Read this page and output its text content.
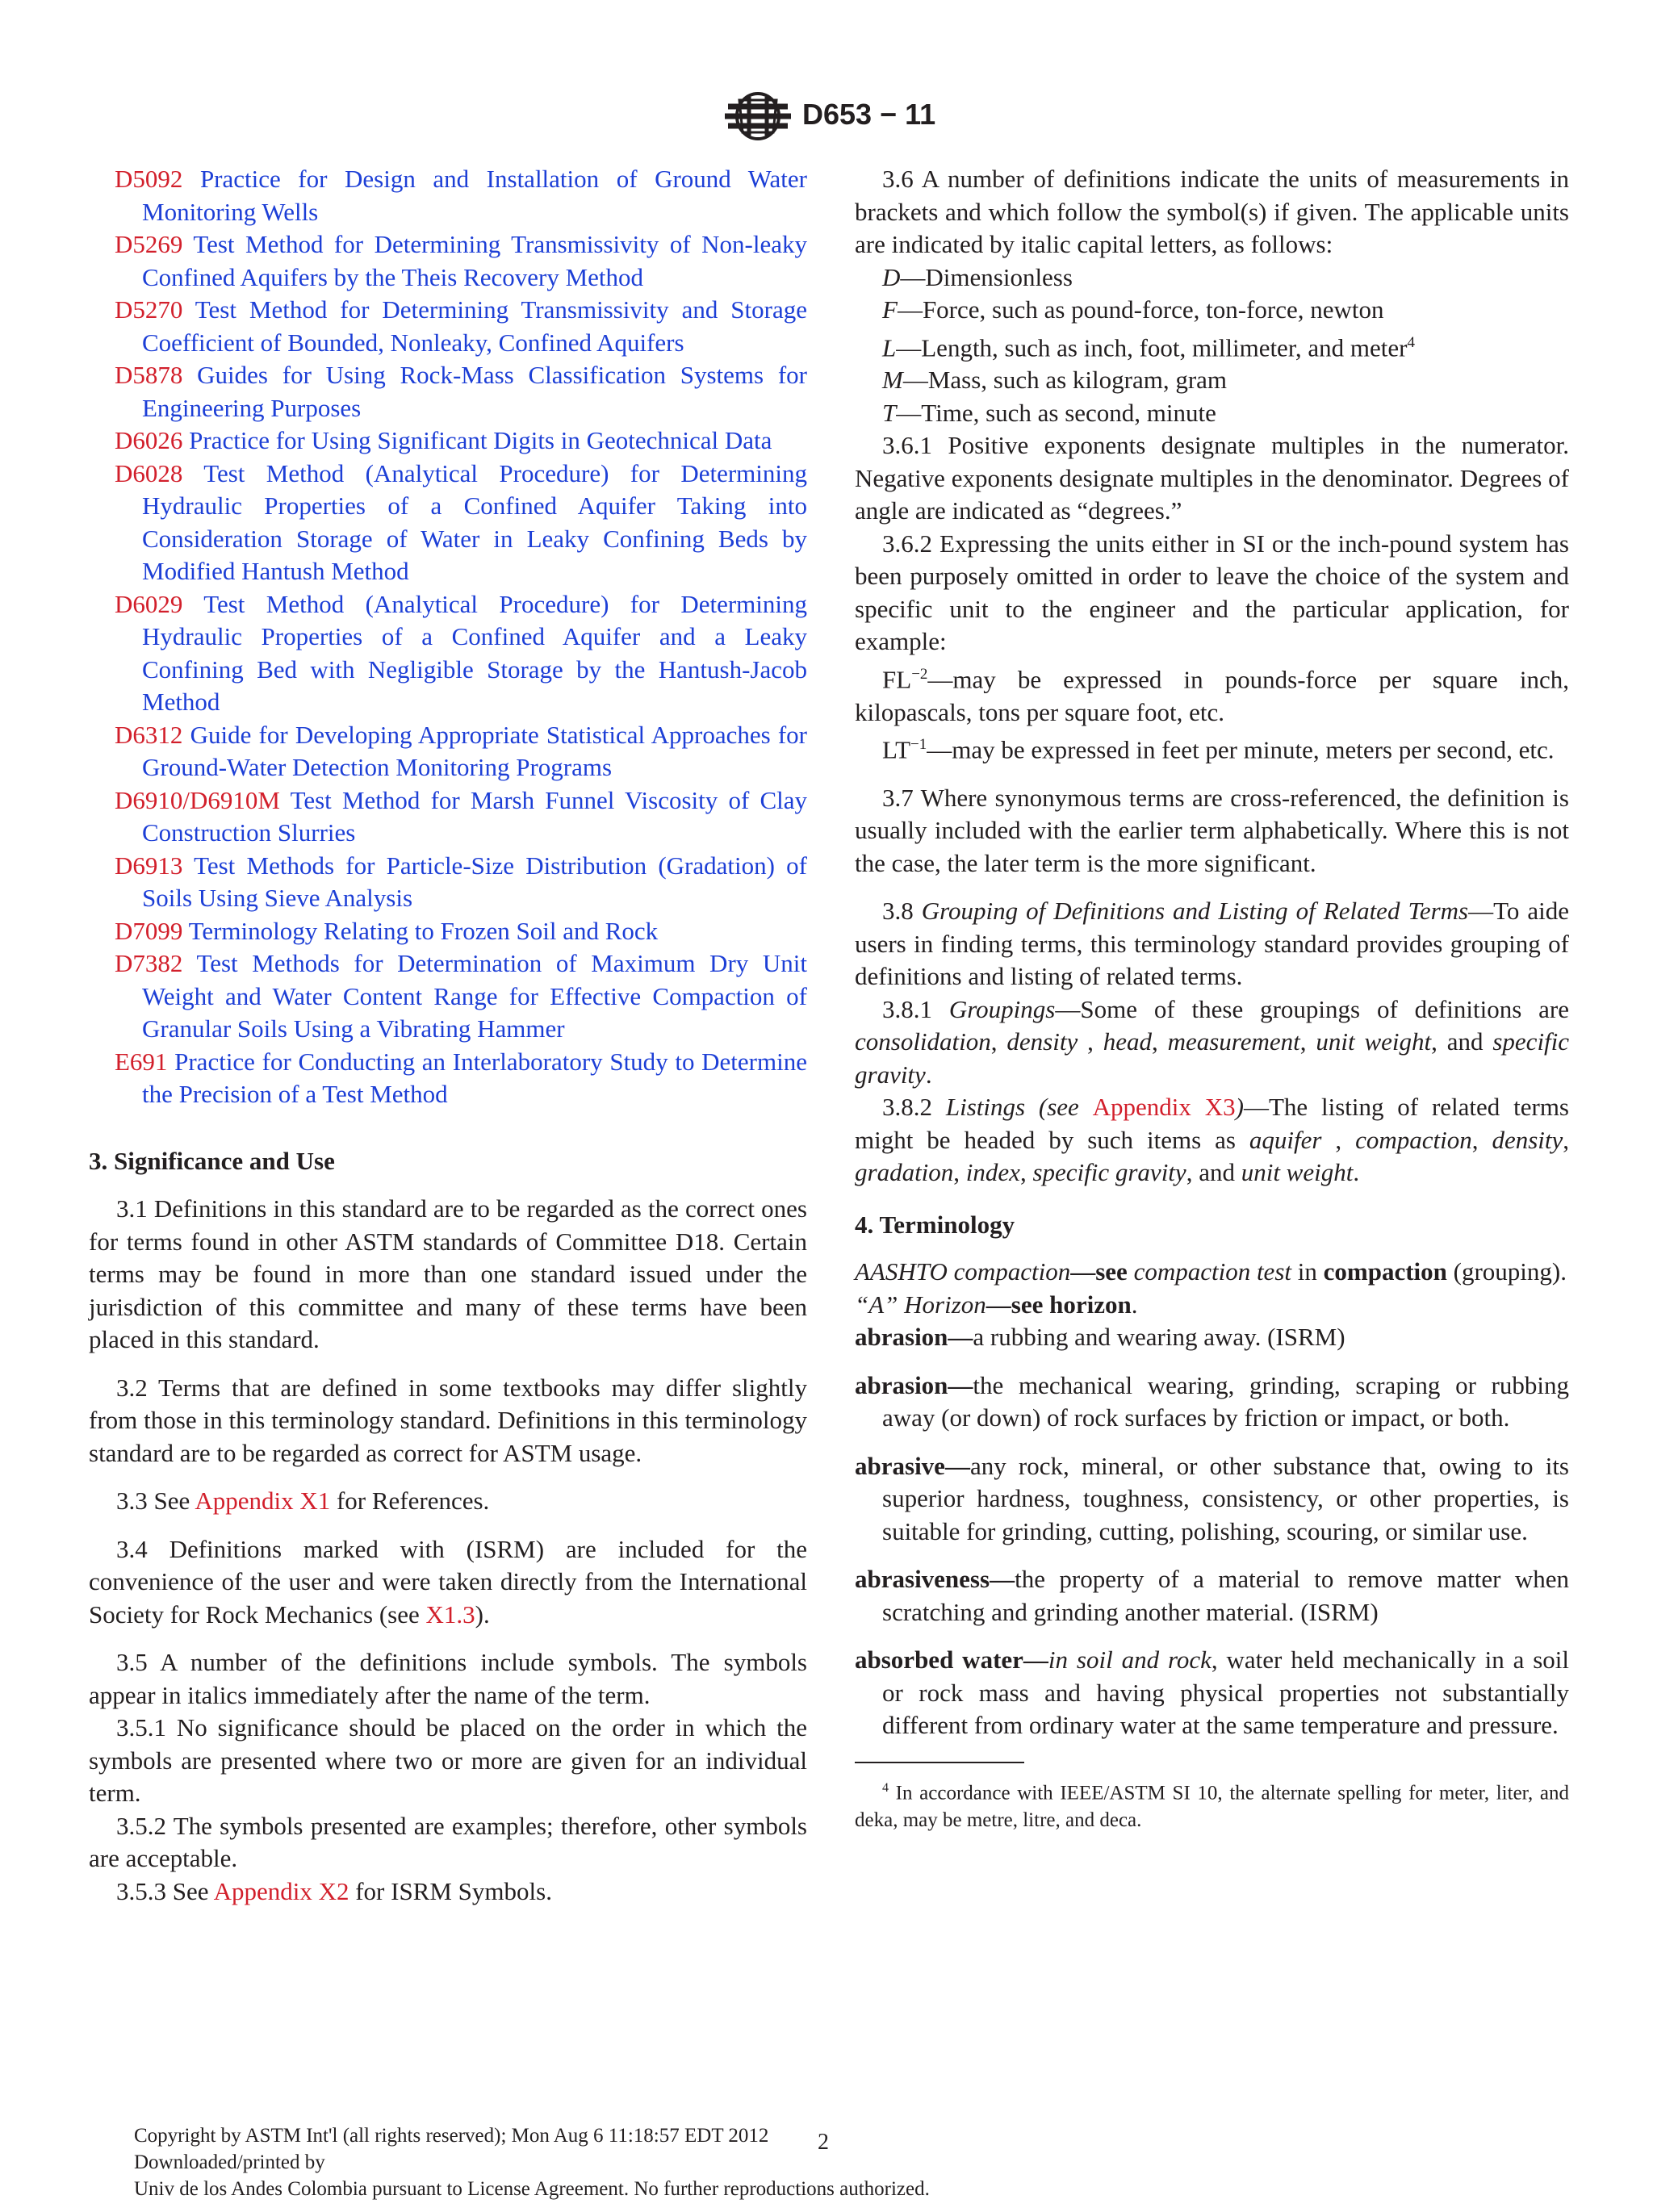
D653 − 11
D5092 Practice for Design and Installation of Ground Water Monitoring Wells
D5269 Test Method for Determining Transmissivity of Non-leaky Confined Aquifers by the Theis Recovery Method
D5270 Test Method for Determining Transmissivity and Storage Coefficient of Bounded, Nonleaky, Confined Aquifers
D5878 Guides for Using Rock-Mass Classification Systems for Engineering Purposes
D6026 Practice for Using Significant Digits in Geotechnical Data
D6028 Test Method (Analytical Procedure) for Determining Hydraulic Properties of a Confined Aquifer Taking into Consideration Storage of Water in Leaky Confining Beds by Modified Hantush Method
D6029 Test Method (Analytical Procedure) for Determining Hydraulic Properties of a Confined Aquifer and a Leaky Confining Bed with Negligible Storage by the Hantush-Jacob Method
D6312 Guide for Developing Appropriate Statistical Approaches for Ground-Water Detection Monitoring Programs
D6910/D6910M Test Method for Marsh Funnel Viscosity of Clay Construction Slurries
D6913 Test Methods for Particle-Size Distribution (Gradation) of Soils Using Sieve Analysis
D7099 Terminology Relating to Frozen Soil and Rock
D7382 Test Methods for Determination of Maximum Dry Unit Weight and Water Content Range for Effective Compaction of Granular Soils Using a Vibrating Hammer
E691 Practice for Conducting an Interlaboratory Study to Determine the Precision of a Test Method
3. Significance and Use
3.1 Definitions in this standard are to be regarded as the correct ones for terms found in other ASTM standards of Committee D18. Certain terms may be found in more than one standard issued under the jurisdiction of this committee and many of these terms have been placed in this standard.
3.2 Terms that are defined in some textbooks may differ slightly from those in this terminology standard. Definitions in this terminology standard are to be regarded as correct for ASTM usage.
3.3 See Appendix X1 for References.
3.4 Definitions marked with (ISRM) are included for the convenience of the user and were taken directly from the International Society for Rock Mechanics (see X1.3).
3.5 A number of the definitions include symbols. The symbols appear in italics immediately after the name of the term.
3.5.1 No significance should be placed on the order in which the symbols are presented where two or more are given for an individual term.
3.5.2 The symbols presented are examples; therefore, other symbols are acceptable.
3.5.3 See Appendix X2 for ISRM Symbols.
3.6 A number of definitions indicate the units of measurements in brackets and which follow the symbol(s) if given. The applicable units are indicated by italic capital letters, as follows:
D—Dimensionless
F—Force, such as pound-force, ton-force, newton
L—Length, such as inch, foot, millimeter, and meter$^4$
M—Mass, such as kilogram, gram
T—Time, such as second, minute
3.6.1 Positive exponents designate multiples in the numerator. Negative exponents designate multiples in the denominator. Degrees of angle are indicated as “degrees.”
3.6.2 Expressing the units either in SI or the inch-pound system has been purposely omitted in order to leave the choice of the system and specific unit to the engineer and the particular application, for example:
$FL^{-2}—may$ be expressed in pounds-force per square inch, kilopascals, tons per square foot, etc.
$LT^{-1}—may$ be expressed in feet per minute, meters per second, etc.
3.7 Where synonymous terms are cross-referenced, the definition is usually included with the earlier term alphabetically. Where this is not the case, the later term is the more significant.
3.8 Grouping of Definitions and Listing of Related Terms—To aide users in finding terms, this terminology standard provides grouping of definitions and listing of related terms.
3.8.1 Groupings—Some of these groupings of definitions are consolidation, density , head, measurement, unit weight, and specific gravity.
3.8.2 Listings (see Appendix X3)—The listing of related terms might be headed by such items as aquifer , compaction, density, gradation, index, specific gravity, and unit weight.
4. Terminology
AASHTO compaction—see compaction test in compaction (grouping).
“A” Horizon—see horizon.
abrasion—a rubbing and wearing away. (ISRM)
abrasion—the mechanical wearing, grinding, scraping or rubbing away (or down) of rock surfaces by friction or impact, or both.
abrasive—any rock, mineral, or other substance that, owing to its superior hardness, toughness, consistency, or other properties, is suitable for grinding, cutting, polishing, scouring, or similar use.
abrasiveness—the property of a material to remove matter when scratching and grinding another material. (ISRM)
absorbed water—in soil and rock, water held mechanically in a soil or rock mass and having physical properties not substantially different from ordinary water at the same temperature and pressure.
$^4$ In accordance with IEEE/ASTM SI 10, the alternate spelling for meter, liter, and deka, may be metre, litre, and deca.
Copyright by ASTM Int'l (all rights reserved); Mon Aug 6 11:18:57 EDT 2012
Downloaded/printed by
Univ de los Andes Colombia pursuant to License Agreement. No further reproductions authorized.
2
